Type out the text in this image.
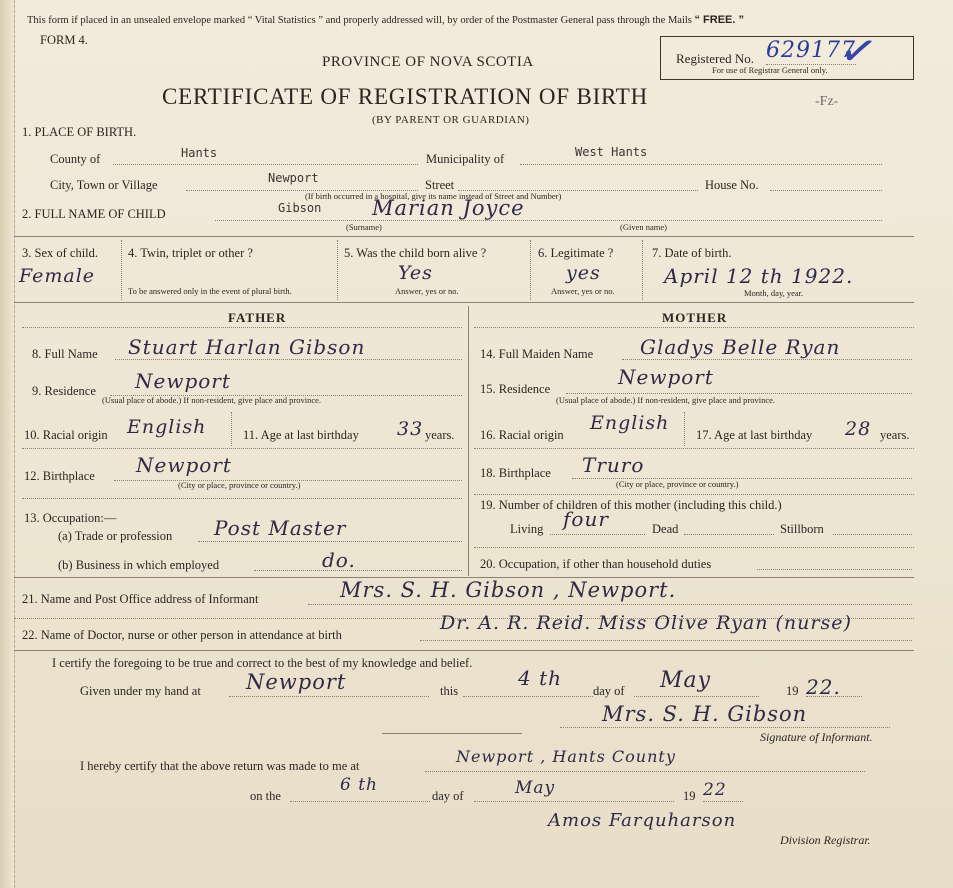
This form if placed in an unsealed envelope marked “ Vital Statistics ” and properly addressed will, by order of the Postmaster General pass through the Mails “ FREE. ”
FORM 4.
PROVINCE OF NOVA SCOTIA
CERTIFICATE OF REGISTRATION OF BIRTH
(BY PARENT OR GUARDIAN)
Registered No. 629177
For use of Registrar General only. ✓
-Fz-
1. PLACE OF BIRTH.
County of	Hants	Municipality of	West Hants
City, Town or Village	Newport	Street	House No.
(If birth occurred in a hospital, give its name instead of Street and Number)
2. FULL NAME OF CHILD	Gibson Marian Joyce
(Surname)	(Given name)
3. Sex of child.
Female
4. Twin, triplet or other ?
To be answered only in the event of plural birth.
5. Was the child born alive ?
Yes
Answer, yes or no.
6. Legitimate ?
yes
Answer, yes or no.
7. Date of birth.
April 12 th 1922.
Month, day, year.
FATHER
8. Full Name Stuart Harlan Gibson
9. Residence Newport
(Usual place of abode.) If non-resident, give place and province.
10. Racial origin English	11. Age at last birthday 33 years.
12. Birthplace Newport
(City or place, province or country.)
13. Occupation:—
(a) Trade or profession Post Master
(b) Business in which employed	do.
MOTHER
14. Full Maiden Name Gladys Belle Ryan
15. Residence	Newport
(Usual place of abode.) If non-resident, give place and province.
16. Racial origin
English
17. Age at last birthday 28 years.
18. Birthplace Truro
(City or place, province or country.)
19. Number of children of this mother (including this child.)
Living four	Dead	Stillborn
20. Occupation, if other than household duties
21. Name and Post Office address of Informant	Mrs. S. H. Gibson , Newport.
22. Name of Doctor, nurse or other person in attendance at birth
Dr. A. R. Reid. Miss Olive Ryan (nurse)
I certify the foregoing to be true and correct to the best of my knowledge and belief.
Given under my hand at Newport	this
4 th
day of May	19 22.
Mrs. S. H. Gibson
Signature of Informant.
I hereby certify that the above return was made to me at	Newport , Hants County
on the
6 th
day of	May	19 22
Amos Farquharson
Division Registrar.
